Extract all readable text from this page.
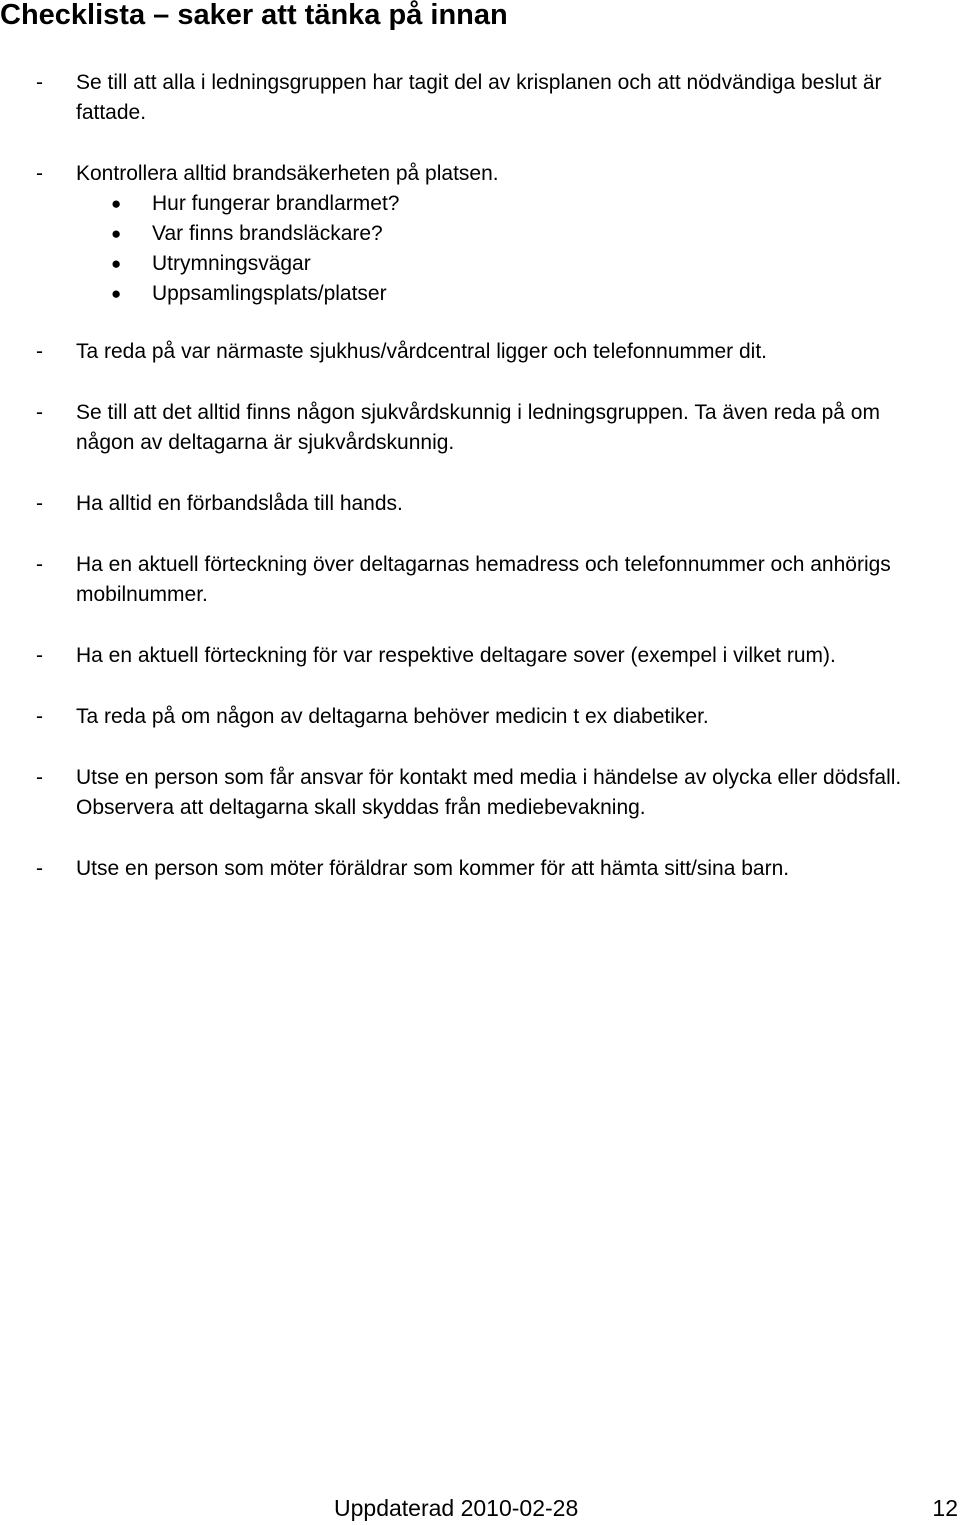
Checklista – saker att tänka på innan
- Se till att alla i ledningsgruppen har tagit del av krisplanen och att nödvändiga beslut är fattade.
- Kontrollera alltid brandsäkerheten på platsen.
● Hur fungerar brandlarmet?
● Var finns brandsläckare?
● Utrymningsvägar
● Uppsamlingsplats/platser
- Ta reda på var närmaste sjukhus/vårdcentral ligger och telefonnummer dit.
- Se till att det alltid finns någon sjukvårdskunnig i ledningsgruppen. Ta även reda på om någon av deltagarna är sjukvårdskunnig.
- Ha alltid en förbandslåda till hands.
- Ha en aktuell förteckning över deltagarnas hemadress och telefonnummer och anhörigs mobilnummer.
- Ha en aktuell förteckning för var respektive deltagare sover (exempel i vilket rum).
- Ta reda på om någon av deltagarna behöver medicin t ex diabetiker.
- Utse en person som får ansvar för kontakt med media i händelse av olycka eller dödsfall. Observera att deltagarna skall skyddas från mediebevakning.
- Utse en person som möter föräldrar som kommer för att hämta sitt/sina barn.
Uppdaterad 2010-02-28	12
